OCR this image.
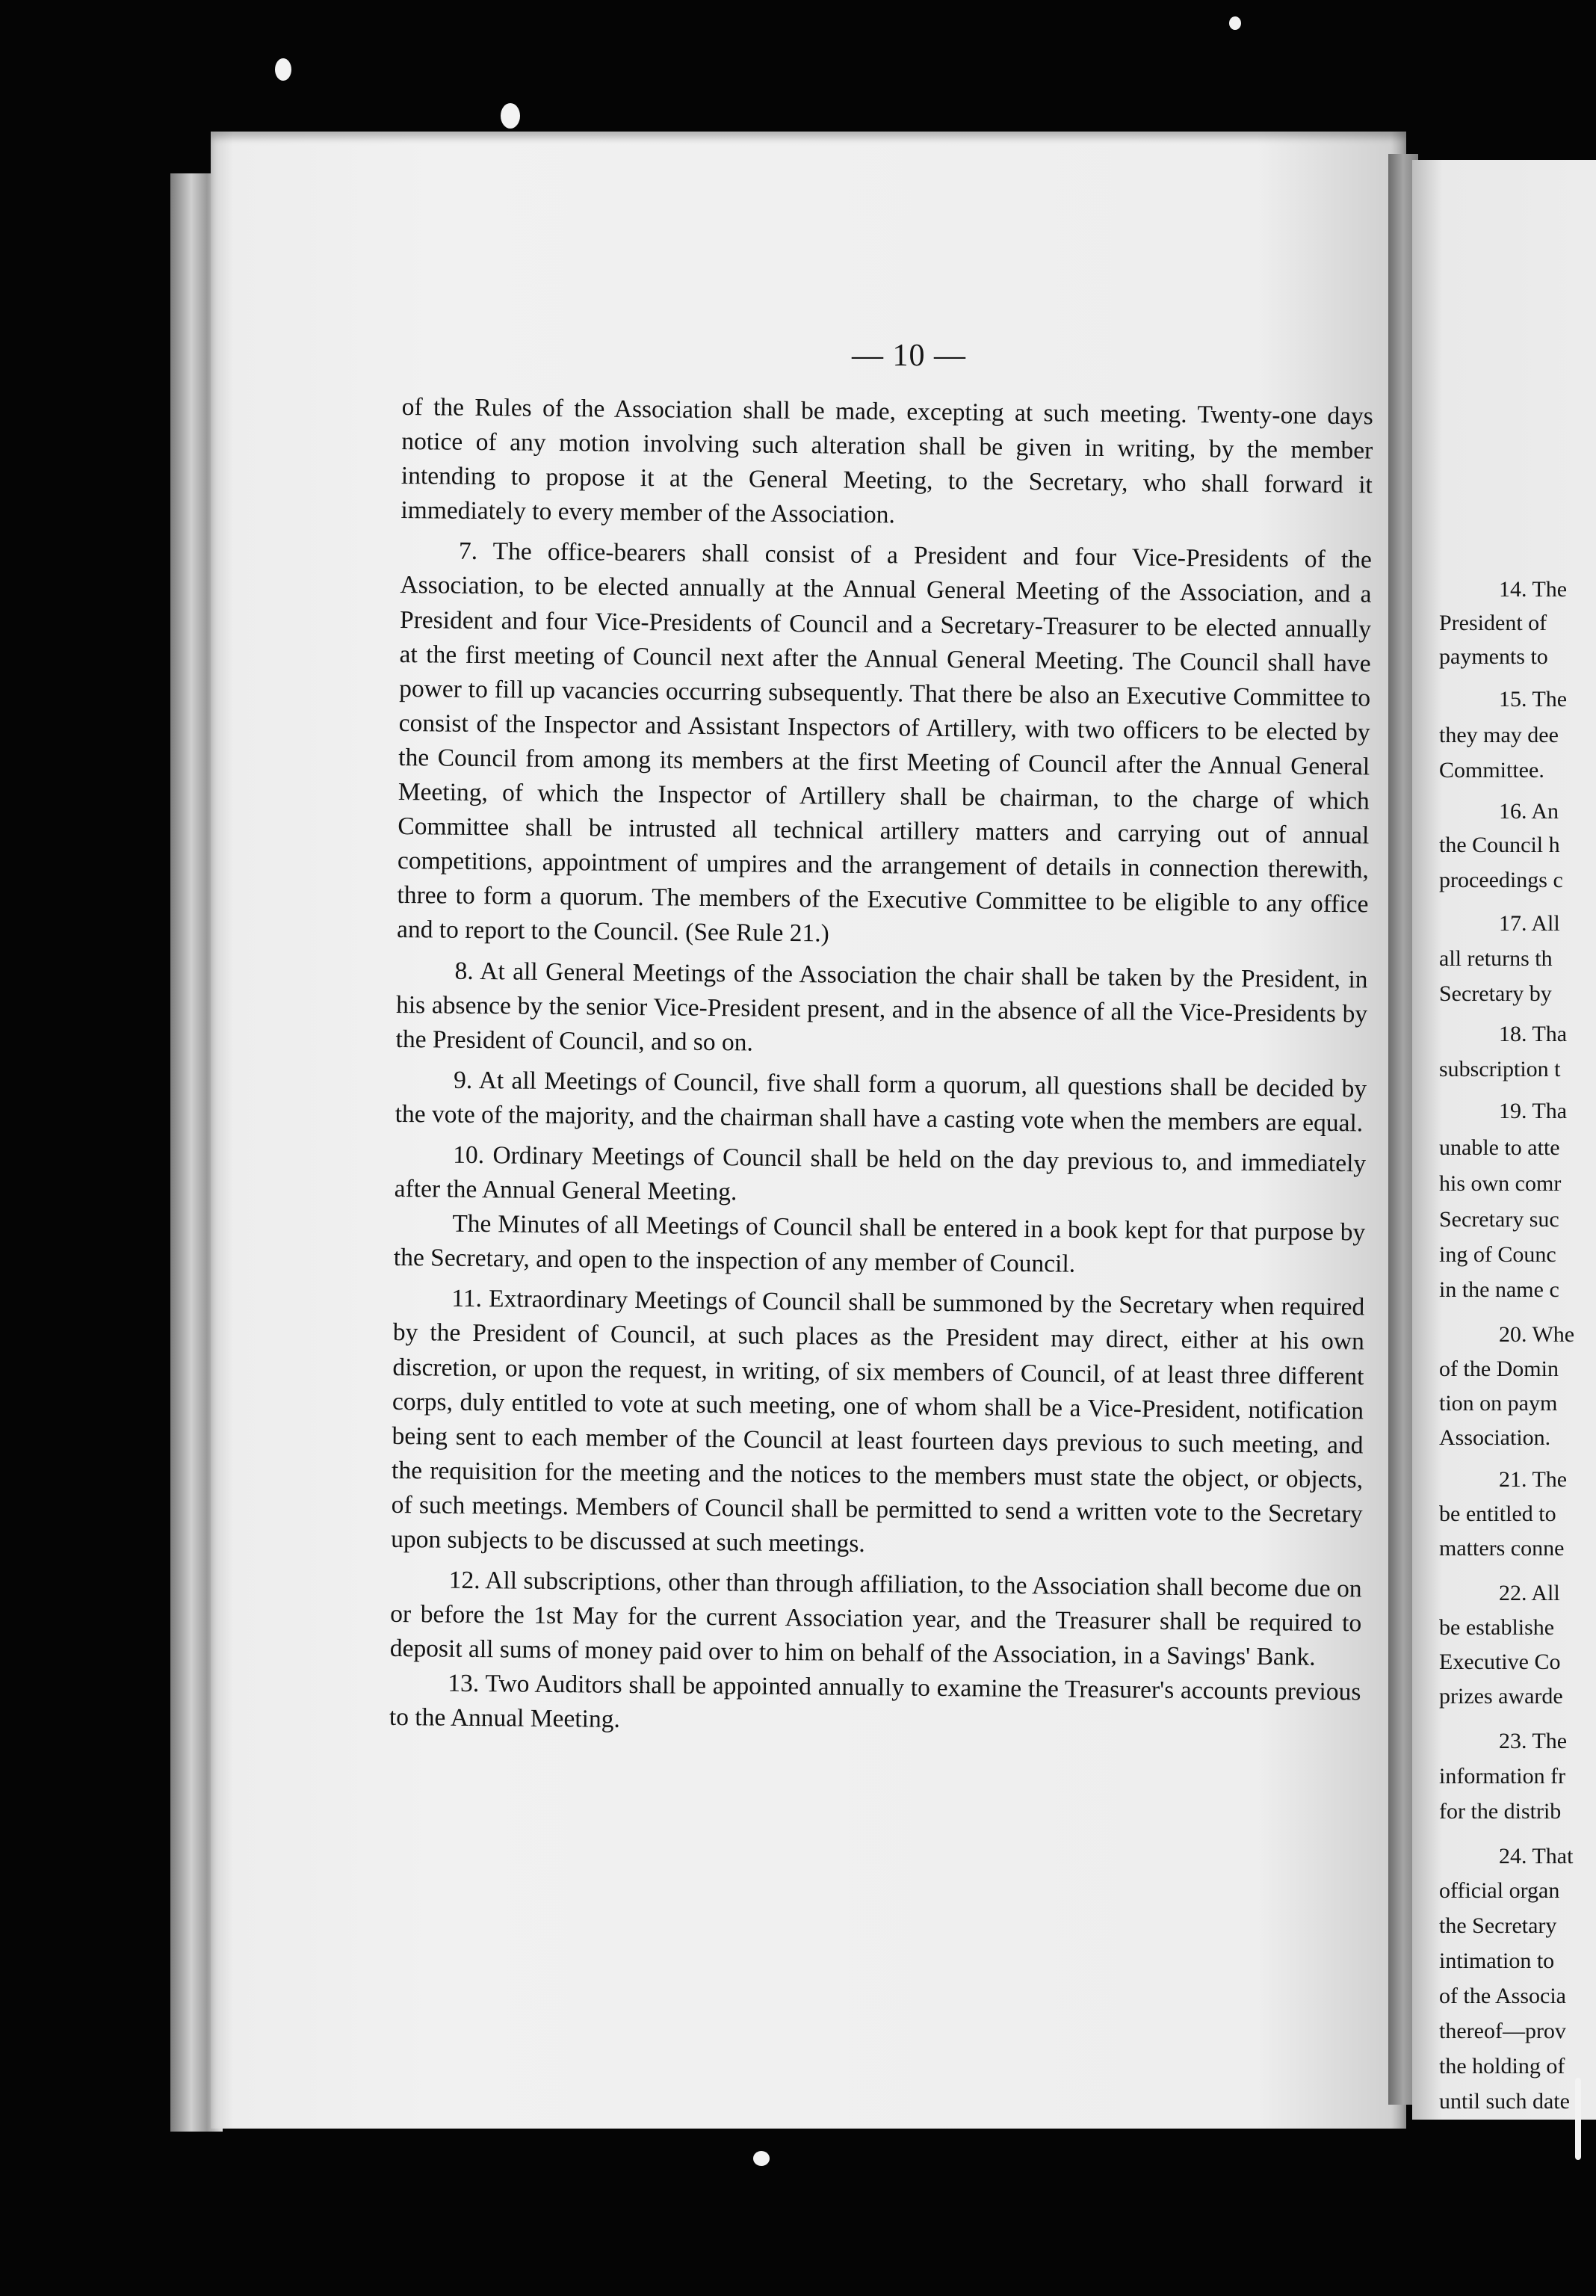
14. The
President of
payments to
15. The
they may dee
Committee.
16. An
the Council h
proceedings c
17. All
all returns th
Secretary by
18. Tha
subscription t
19. Tha
unable to atte
his own comr
Secretary suc
ing of Counc
in the name c
20. Whe
of the Domin
tion on paym
Association.
21. The
be entitled to
matters conne
22. All
be establishe
Executive Co
prizes awarde
23. The
information fr
for the distrib
24. That
official organ
the Secretary
intimation to
of the Associa
thereof—prov
the holding of
until such date
— 10 —

of the Rules of the Association shall be made, excepting at such meeting. Twenty-one days notice of any motion involving such alteration shall be given in writing, by the member intending to propose it at the General Meeting, to the Secretary, who shall forward it immediately to every member of the Association.

7. The office-bearers shall consist of a President and four Vice-Presidents of the Association, to be elected annually at the Annual General Meeting of the Association, and a President and four Vice-Presidents of Council and a Secretary-Treasurer to be elected annually at the first meeting of Council next after the Annual General Meeting. The Council shall have power to fill up vacancies occurring subsequently. That there be also an Executive Committee to consist of the Inspector and Assistant Inspectors of Artillery, with two officers to be elected by the Council from among its members at the first Meeting of Council after the Annual General Meeting, of which the Inspector of Artillery shall be chairman, to the charge of which Committee shall be intrusted all technical artillery matters and carrying out of annual competitions, appointment of umpires and the arrangement of details in connection therewith, three to form a quorum. The members of the Executive Committee to be eligible to any office and to report to the Council. (See Rule 21.)

8. At all General Meetings of the Association the chair shall be taken by the President, in his absence by the senior Vice-President present, and in the absence of all the Vice-Presidents by the President of Council, and so on.

9. At all Meetings of Council, five shall form a quorum, all questions shall be decided by the vote of the majority, and the chairman shall have a casting vote when the members are equal.

10. Ordinary Meetings of Council shall be held on the day previous to, and immediately after the Annual General Meeting.

The Minutes of all Meetings of Council shall be entered in a book kept for that purpose by the Secretary, and open to the inspection of any member of Council.

11. Extraordinary Meetings of Council shall be summoned by the Secretary when required by the President of Council, at such places as the President may direct, either at his own discretion, or upon the request, in writing, of six members of Council, of at least three different corps, duly entitled to vote at such meeting, one of whom shall be a Vice-President, notification being sent to each member of the Council at least fourteen days previous to such meeting, and the requisition for the meeting and the notices to the members must state the object, or objects, of such meetings. Members of Council shall be permitted to send a written vote to the Secretary upon subjects to be discussed at such meetings.

12. All subscriptions, other than through affiliation, to the Association shall become due on or before the 1st May for the current Association year, and the Treasurer shall be required to deposit all sums of money paid over to him on behalf of the Association, in a Savings' Bank.

13. Two Auditors shall be appointed annually to examine the Treasurer's accounts previous to the Annual Meeting.
